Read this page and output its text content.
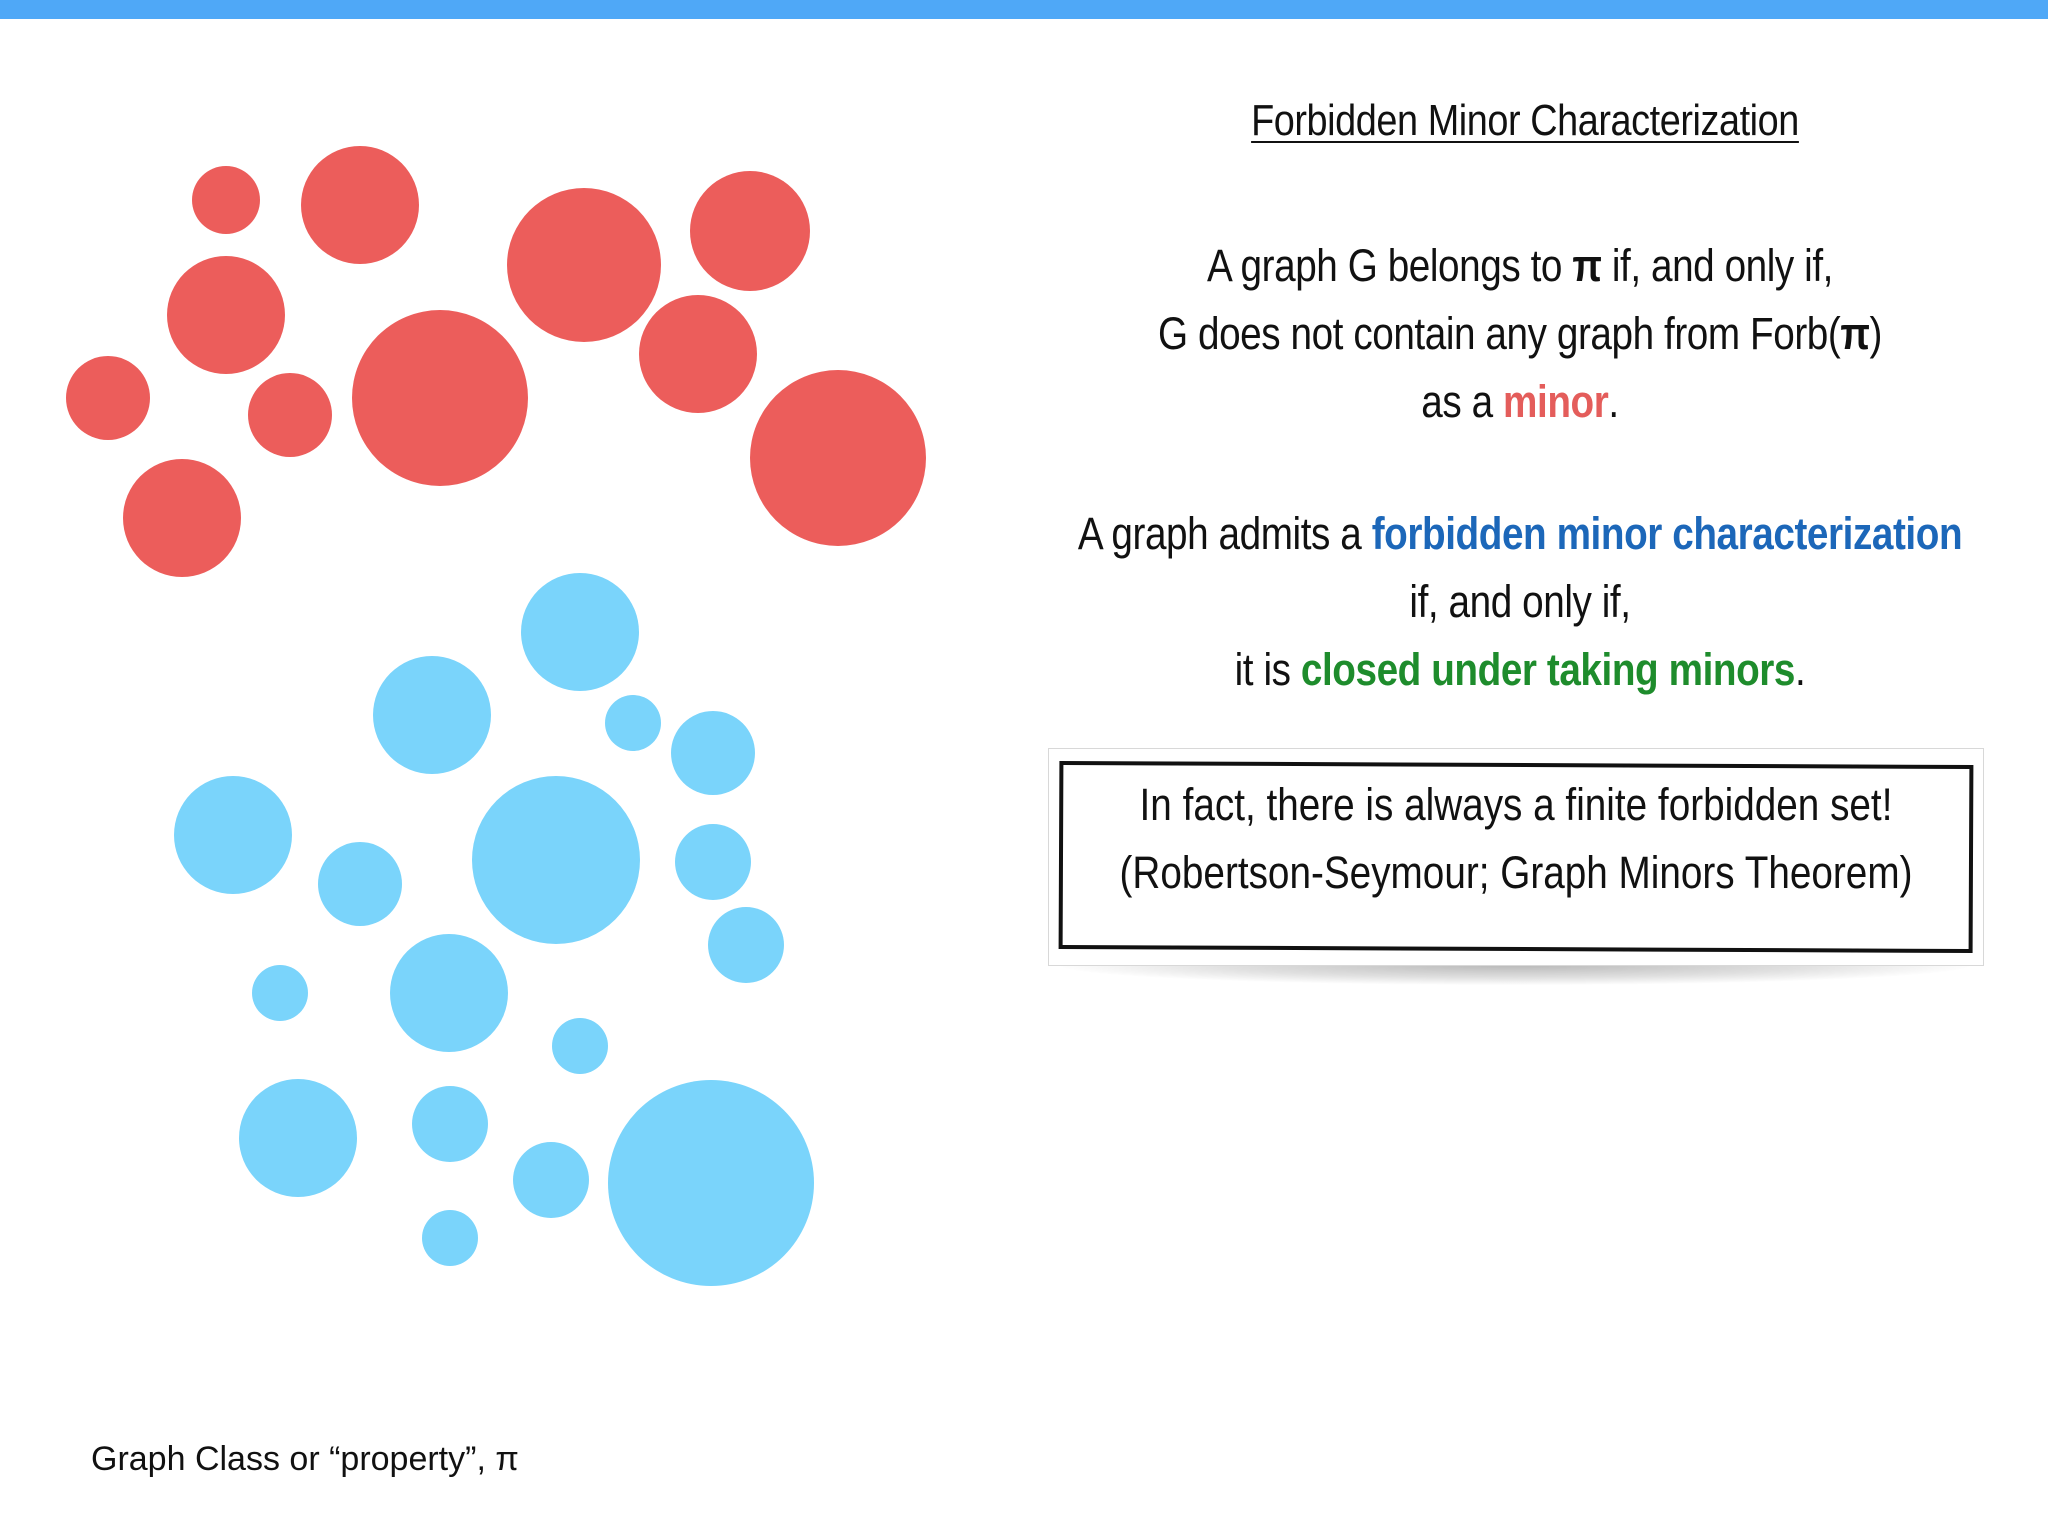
Forbidden Minor Characterization
A graph G belongs to π if, and only if,
G does not contain any graph from Forb(π)
as a minor.
A graph admits a forbidden minor characterization
if, and only if,
it is closed under taking minors.
In fact, there is always a finite forbidden set!
(Robertson-Seymour; Graph Minors Theorem)
Graph Class or “property”, π
